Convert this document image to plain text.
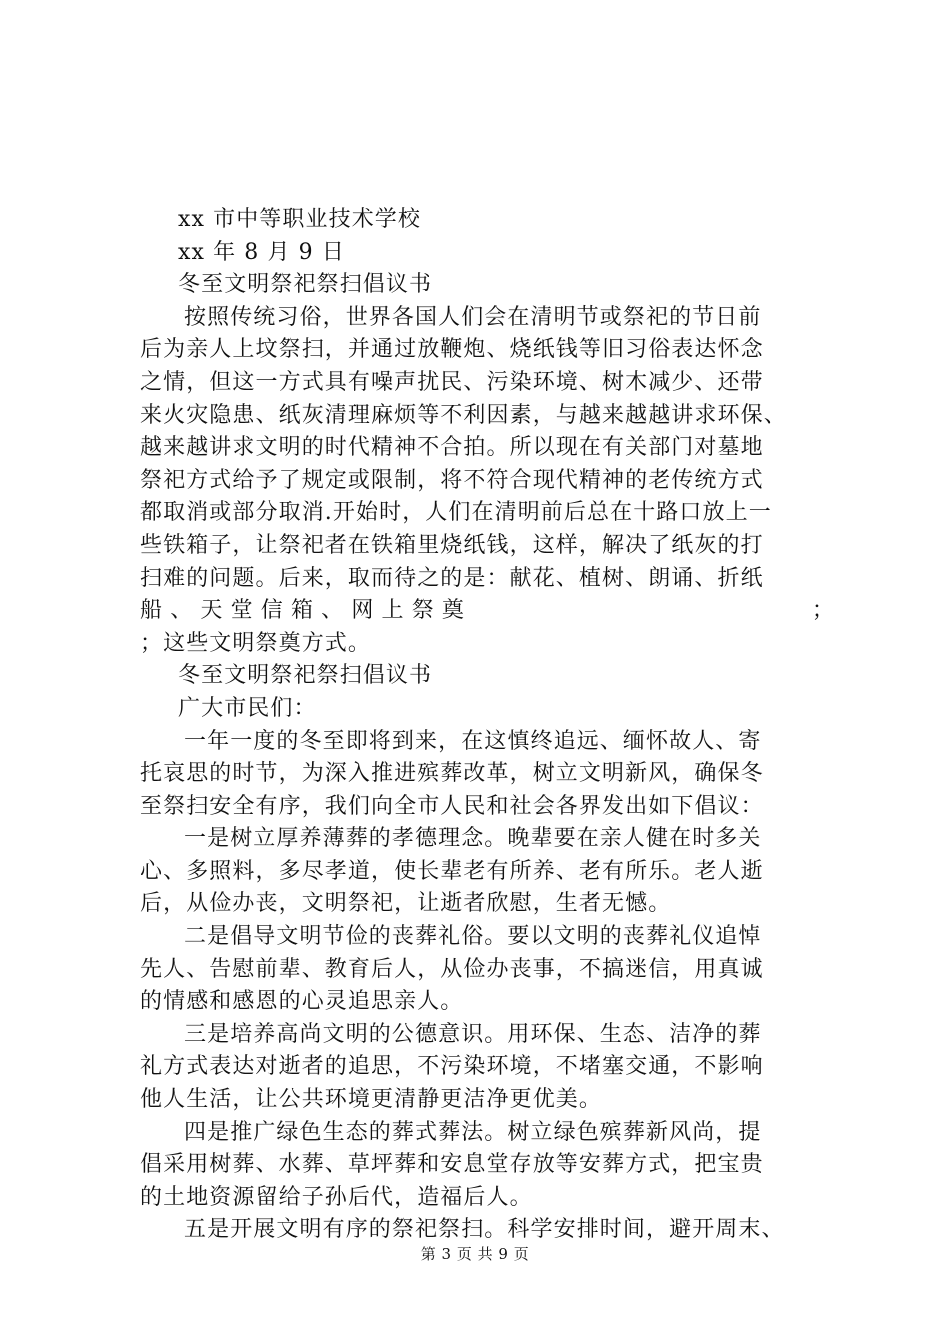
xx 市中等职业技术学校
xx 年 8 月 9 日
冬至文明祭祀祭扫倡议书
按照传统习俗，世界各国人们会在清明节或祭祀的节日前
后为亲人上坟祭扫，并通过放鞭炮、烧纸钱等旧习俗表达怀念
之情，但这一方式具有噪声扰民、污染环境、树木减少、还带
来火灾隐患、纸灰清理麻烦等不利因素，与越来越越讲求环保、
越来越讲求文明的时代精神不合拍。所以现在有关部门对墓地
祭祀方式给予了规定或限制，将不符合现代精神的老传统方式
都取消或部分取消.开始时，人们在清明前后总在十路口放上一
些铁箱子，让祭祀者在铁箱里烧纸钱，这样，解决了纸灰的打
扫难的问题。后来，取而待之的是：献花、植树、朗诵、折纸
船 、 天 堂 信 箱 、 网 上 祭 奠	；
；这些文明祭奠方式。
冬至文明祭祀祭扫倡议书
广大市民们：
一年一度的冬至即将到来，在这慎终追远、缅怀故人、寄
托哀思的时节，为深入推进殡葬改革，树立文明新风，确保冬
至祭扫安全有序，我们向全市人民和社会各界发出如下倡议：
一是树立厚养薄葬的孝德理念。晚辈要在亲人健在时多关
心、多照料，多尽孝道，使长辈老有所养、老有所乐。老人逝
后，从俭办丧，文明祭祀，让逝者欣慰，生者无憾。
二是倡导文明节俭的丧葬礼俗。要以文明的丧葬礼仪追悼
先人、告慰前辈、教育后人，从俭办丧事，不搞迷信，用真诚
的情感和感恩的心灵追思亲人。
三是培养高尚文明的公德意识。用环保、生态、洁净的葬
礼方式表达对逝者的追思，不污染环境，不堵塞交通，不影响
他人生活，让公共环境更清静更洁净更优美。
四是推广绿色生态的葬式葬法。树立绿色殡葬新风尚，提
倡采用树葬、水葬、草坪葬和安息堂存放等安葬方式，把宝贵
的土地资源留给子孙后代，造福后人。
五是开展文明有序的祭祀祭扫。科学安排时间，避开周末、
第 3 页 共 9 页
